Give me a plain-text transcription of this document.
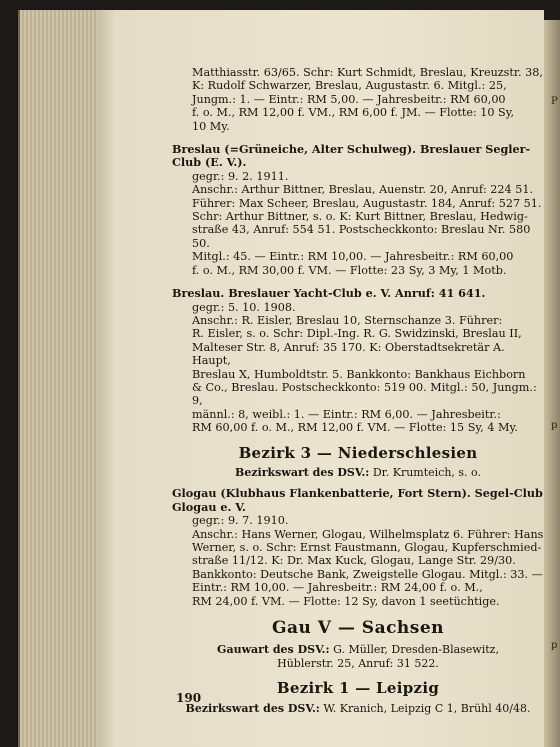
Matthiasstr. 63/65. Schr: Kurt Schmidt, Breslau, Kreuzstr. 38,

K: Rudolf Schwarzer, Breslau, Augustastr. 6. Mitgl.: 25,

Jungm.: 1. — Eintr.: RM 5,00. — Jahresbeitr.: RM 60,00

f. o. M., RM 12,00 f. VM., RM 6,00 f. JM. — Flotte: 10 Sy,

10 My.

Breslau (=Grüneiche, Alter Schulweg). Breslauer Segler-Club (E. V.).

gegr.: 9. 2. 1911.

Anschr.: Arthur Bittner, Breslau, Auenstr. 20, Anruf: 224 51.

Führer: Max Scheer, Breslau, Augustastr. 184, Anruf: 527 51.

Schr: Arthur Bittner, s. o. K: Kurt Bittner, Breslau, Hedwig-

straße 43, Anruf: 554 51. Postscheckkonto: Breslau Nr. 580 50.

Mitgl.: 45. — Eintr.: RM 10,00. — Jahresbeitr.: RM 60,00

f. o. M., RM 30,00 f. VM. — Flotte: 23 Sy, 3 My, 1 Motb.

Breslau. Breslauer Yacht-Club e. V. Anruf: 41 641.

gegr.: 5. 10. 1908.

Anschr.: R. Eisler, Breslau 10, Sternschanze 3. Führer:

R. Eisler, s. o. Schr: Dipl.-Ing. R. G. Swidzinski, Breslau II,

Malteser Str. 8, Anruf: 35 170. K: Oberstadtsekretär A. Haupt,

Breslau X, Humboldtstr. 5. Bankkonto: Bankhaus Eichborn

& Co., Breslau. Postscheckkonto: 519 00. Mitgl.: 50, Jungm.: 9,

männl.: 8, weibl.: 1. — Eintr.: RM 6,00. — Jahresbeitr.:

RM 60,00 f. o. M., RM 12,00 f. VM. — Flotte: 15 Sy, 4 My.

Bezirk 3 — Niederschlesien
Bezirkswart des DSV.: Dr. Krumteich, s. o.

Glogau (Klubhaus Flankenbatterie, Fort Stern). Segel-Club Glogau e. V.

gegr.: 9. 7. 1910.

Anschr.: Hans Werner, Glogau, Wilhelmsplatz 6. Führer: Hans

Werner, s. o. Schr: Ernst Faustmann, Glogau, Kupferschmied-

straße 11/12. K: Dr. Max Kuck, Glogau, Lange Str. 29/30.

Bankkonto: Deutsche Bank, Zweigstelle Glogau. Mitgl.: 33. —

Eintr.: RM 10,00. — Jahresbeitr.: RM 24,00 f. o. M.,

RM 24,00 f. VM. — Flotte: 12 Sy, davon 1 seetüchtige.

Gau V — Sachsen
Gauwart des DSV.: G. Müller, Dresden-Blasewitz,
Hüblerstr. 25, Anruf: 31 522.
Bezirk 1 — Leipzig
Bezirkswart des DSV.: W. Kranich, Leipzig C 1, Brühl 40/48.
190
P
p
p
